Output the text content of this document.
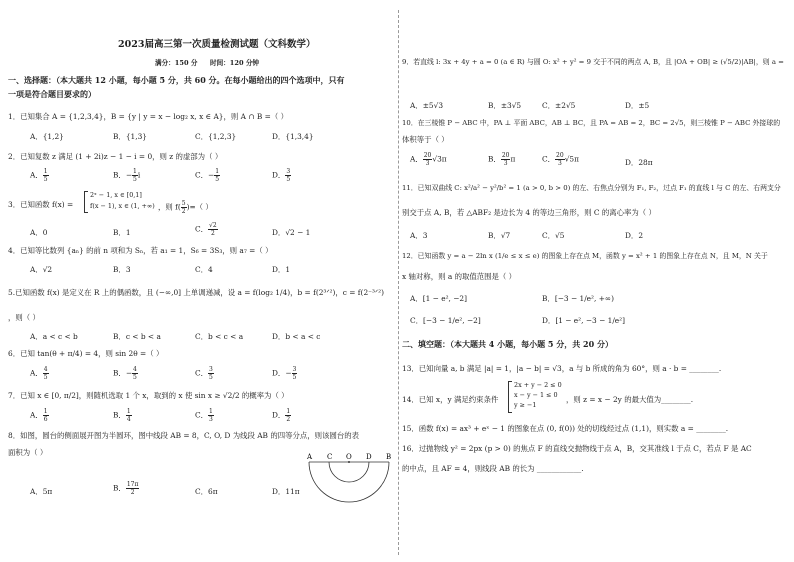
2023届高三第一次质量检测试题（文科数学）
满分：150 分 时间：120 分钟
一、选择题：（本大题共 12 小题，每小题 5 分，共 60 分。在每小题给出的四个选项中，只有
一项是符合题目要求的）
1．已知集合 A = {1,2,3,4}，B = {y | y = x − log₂ x, x ∈ A}，则 A ∩ B =（ ）
A．{1,2}	B．{1,3}	C．{1,2,3}	D．{1,3,4}
2．已知复数 z 满足 (1 + 2i)z − 1 − i = 0，则 z 的虚部为（ ）
A． $\frac{1}{5}$	B．− $\frac{1}{5}$ i	C．− $\frac{1}{5}$	D． $\frac{3}{5}$
3．已知函数 f(x) =
2ˣ − 1, x ∈ [0,1]
f(x − 1), x ∈ (1, +∞) ，则 $f( \frac{5}{2}$ )=（ ）
A．0	B．1	C． $\frac{√2}{2}$	D．√2 − 1
4．已知等比数列 {aₙ} 的前 n 项和为 Sₙ，若 a₁ = 1，S₆ = 3S₃，则 a₇ =（ ）
A．√2	B．3	C．4	D．1
5.已知函数 f(x) 是定义在 R 上的偶函数，且 (−∞,0] 上单调递减，设 a = f(log₂ 1/4)，b = f(2³ᐟ²)，c = f(2⁻³ᐟ²)
，则（ ）
A．a < c < b	B．c < b < a	C．b < c < a	D．b < a < c
6．已知 tan(θ + π/4) = 4，则 sin 2θ =（ ）
A． $\frac{4}{5}$	B．− $\frac{4}{5}$	C． $\frac{3}{5}$	D．− $\frac{3}{5}$
7．已知 x ∈ [0, π/2]，则随机选取 1 个 x，取到的 x 使 sin x ≥ √2/2 的概率为（ ）
A． $\frac{1}{6}$	B． $\frac{1}{4}$	C． $\frac{1}{3}$	D． $\frac{1}{2}$
8．如图，圆台的侧面展开图为半圆环，图中线段 AB = 8，C, O, D 为线段 AB 的四等分点，则该圆台的表
面积为（ ）
A．5π	B． $\frac{17\pi}{2}$	C．6π	D．11π
A C O D B
9．若直线 l: 3x + 4y + a = 0 (a ∈ R) 与圆 O: x² + y² = 9 交于不同的两点 A, B，且 |OA + OB| ≥ (√5/2)|AB|，则 a =
A．±5√3	B．±3√5	C．±2√5	D．±5
10．在三棱锥 P − ABC 中，PA ⊥ 平面 ABC，AB ⊥ BC，且 PA = AB = 2，BC = 2√5，则三棱锥 P − ABC 外接球的
体积等于（ ）
A． $\frac{20}{3} √3\pi$	B． $\frac{20}{3}$ π	C． $\frac{20}{3} √5\pi$	D．28π
11．已知双曲线 C: x²/a² − y²/b² = 1 (a > 0, b > 0) 的左、右焦点分别为 F₁, F₂，过点 F₁ 的直线 l 与 C 的左、右两支分
别交于点 A, B，若 △ABF₂ 是边长为 4 的等边三角形，则 C 的离心率为（ ）
A．3	B．√7	C．√5	D．2
12．已知函数 y = a − 2ln x (1/e ≤ x ≤ e) 的图象上存在点 M，函数 y = x² + 1 的图象上存在点 N，且 M，N 关于
x 轴对称，则 a 的取值范围是（ ）
A．[1 − e², −2]	B．[−3 − 1/e², +∞)
C．[−3 − 1/e², −2]	D．[1 − e², −3 − 1/e²]
二、填空题：（本大题共 4 小题，每小题 5 分，共 20 分）
13．已知向量 a, b 满足 |a| = 1，|a − b| = √3，a 与 b 所成的角为 60°，则 a · b = ________.
14．已知 x，y 满足约束条件
2x + y − 2 ≤ 0
x − y − 1 ≤ 0
y ≥ −1
，则 z = x − 2y 的最大值为________.
15．函数 f(x) = ax³ + eˣ − 1 的图象在点 (0, f(0)) 处的切线经过点 (1,1)，则实数 a = ________.
16．过抛物线 y² = 2px (p > 0) 的焦点 F 的直线交抛物线于点 A，B，交其准线 l 于点 C，若点 F 是 AC
的中点，且 AF = 4，则线段 AB 的长为 ____________.
